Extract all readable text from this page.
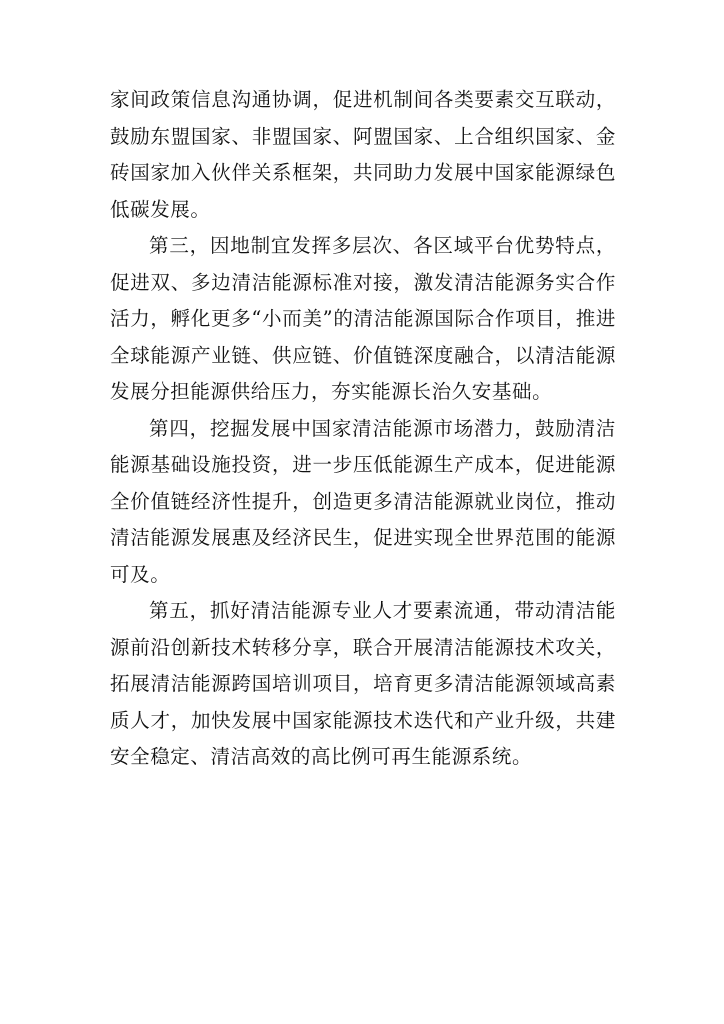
家间政策信息沟通协调，促进机制间各类要素交互联动，鼓励东盟国家、非盟国家、阿盟国家、上合组织国家、金砖国家加入伙伴关系框架，共同助力发展中国家能源绿色低碳发展。

第三，因地制宜发挥多层次、各区域平台优势特点，促进双、多边清洁能源标准对接，激发清洁能源务实合作活力，孵化更多“小而美”的清洁能源国际合作项目，推进全球能源产业链、供应链、价值链深度融合，以清洁能源发展分担能源供给压力，夯实能源长治久安基础。

第四，挖掘发展中国家清洁能源市场潜力，鼓励清洁能源基础设施投资，进一步压低能源生产成本，促进能源全价值链经济性提升，创造更多清洁能源就业岗位，推动清洁能源发展惠及经济民生，促进实现全世界范围的能源可及。

第五，抓好清洁能源专业人才要素流通，带动清洁能源前沿创新技术转移分享，联合开展清洁能源技术攻关，拓展清洁能源跨国培训项目，培育更多清洁能源领域高素质人才，加快发展中国家能源技术迭代和产业升级，共建安全稳定、清洁高效的高比例可再生能源系统。
